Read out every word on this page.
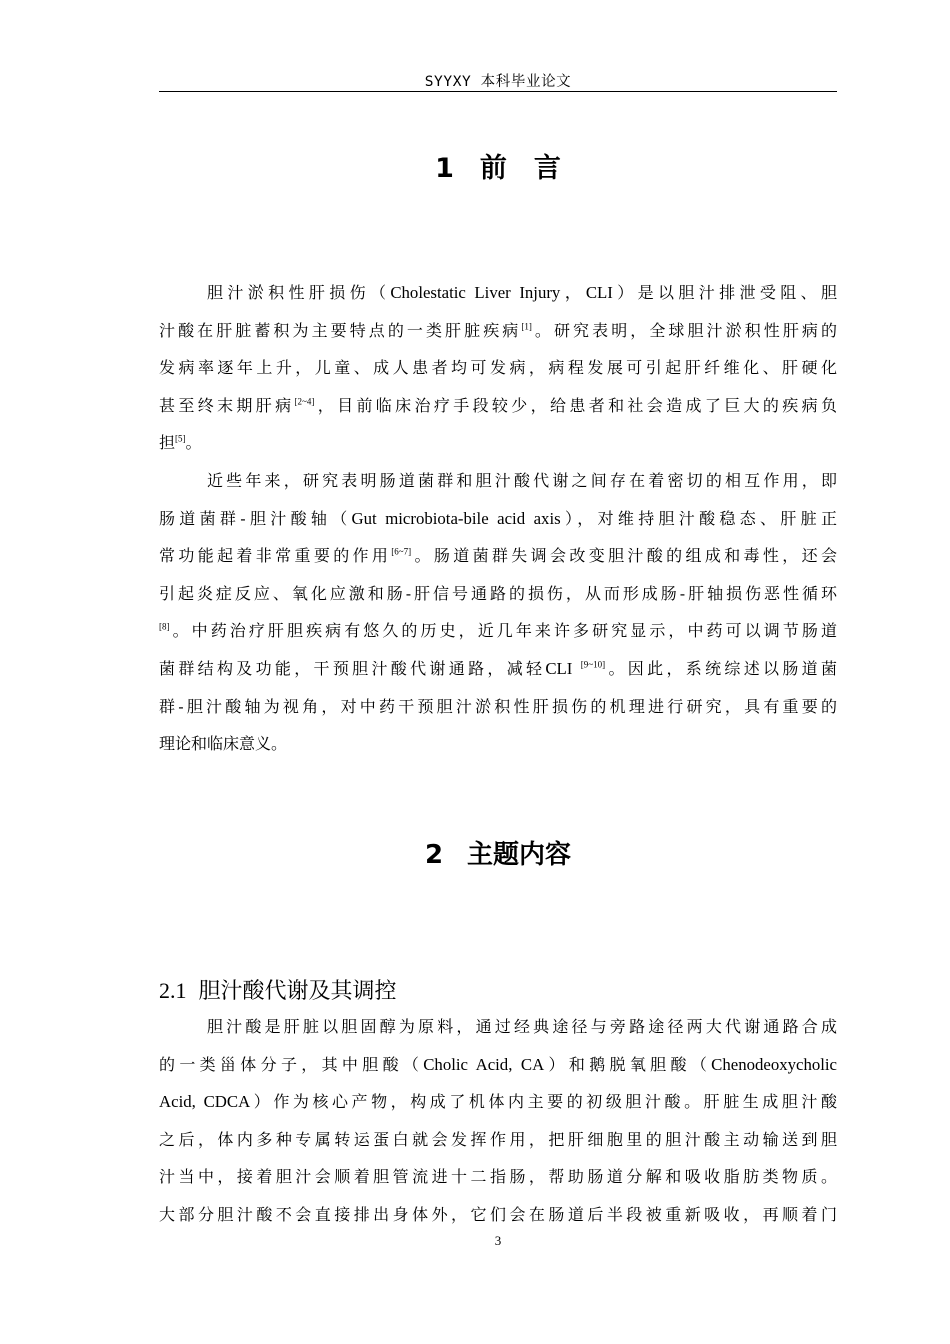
SYYXY 本科毕业论文
1 前　言
胆汁淤积性肝损伤（Cholestatic Liver Injury，CLI）是以胆汁排泄受阻、胆
汁酸在肝脏蓄积为主要特点的一类肝脏疾病[1]。研究表明，全球胆汁淤积性肝病的
发病率逐年上升，儿童、成人患者均可发病，病程发展可引起肝纤维化、肝硬化
甚至终末期肝病[2~4]，目前临床治疗手段较少，给患者和社会造成了巨大的疾病负
担[5]。
近些年来，研究表明肠道菌群和胆汁酸代谢之间存在着密切的相互作用，即
肠道菌群-胆汁酸轴（Gut microbiota-bile acid axis），对维持胆汁酸稳态、肝脏正
常功能起着非常重要的作用[6~7]。肠道菌群失调会改变胆汁酸的组成和毒性，还会
引起炎症反应、氧化应激和肠-肝信号通路的损伤，从而形成肠-肝轴损伤恶性循环
[8]。中药治疗肝胆疾病有悠久的历史，近几年来许多研究显示，中药可以调节肠道
菌群结构及功能，干预胆汁酸代谢通路，减轻CLI [9~10]。因此，系统综述以肠道菌
群-胆汁酸轴为视角，对中药干预胆汁淤积性肝损伤的机理进行研究，具有重要的
理论和临床意义。
2 主题内容
2.1 胆汁酸代谢及其调控
胆汁酸是肝脏以胆固醇为原料，通过经典途径与旁路途径两大代谢通路合成
的一类甾体分子，其中胆酸（Cholic Acid, CA）和鹅脱氧胆酸（Chenodeoxycholic
Acid, CDCA）作为核心产物，构成了机体内主要的初级胆汁酸。肝脏生成胆汁酸
之后，体内多种专属转运蛋白就会发挥作用，把肝细胞里的胆汁酸主动输送到胆
汁当中，接着胆汁会顺着胆管流进十二指肠，帮助肠道分解和吸收脂肪类物质。
大部分胆汁酸不会直接排出身体外，它们会在肠道后半段被重新吸收，再顺着门
3
